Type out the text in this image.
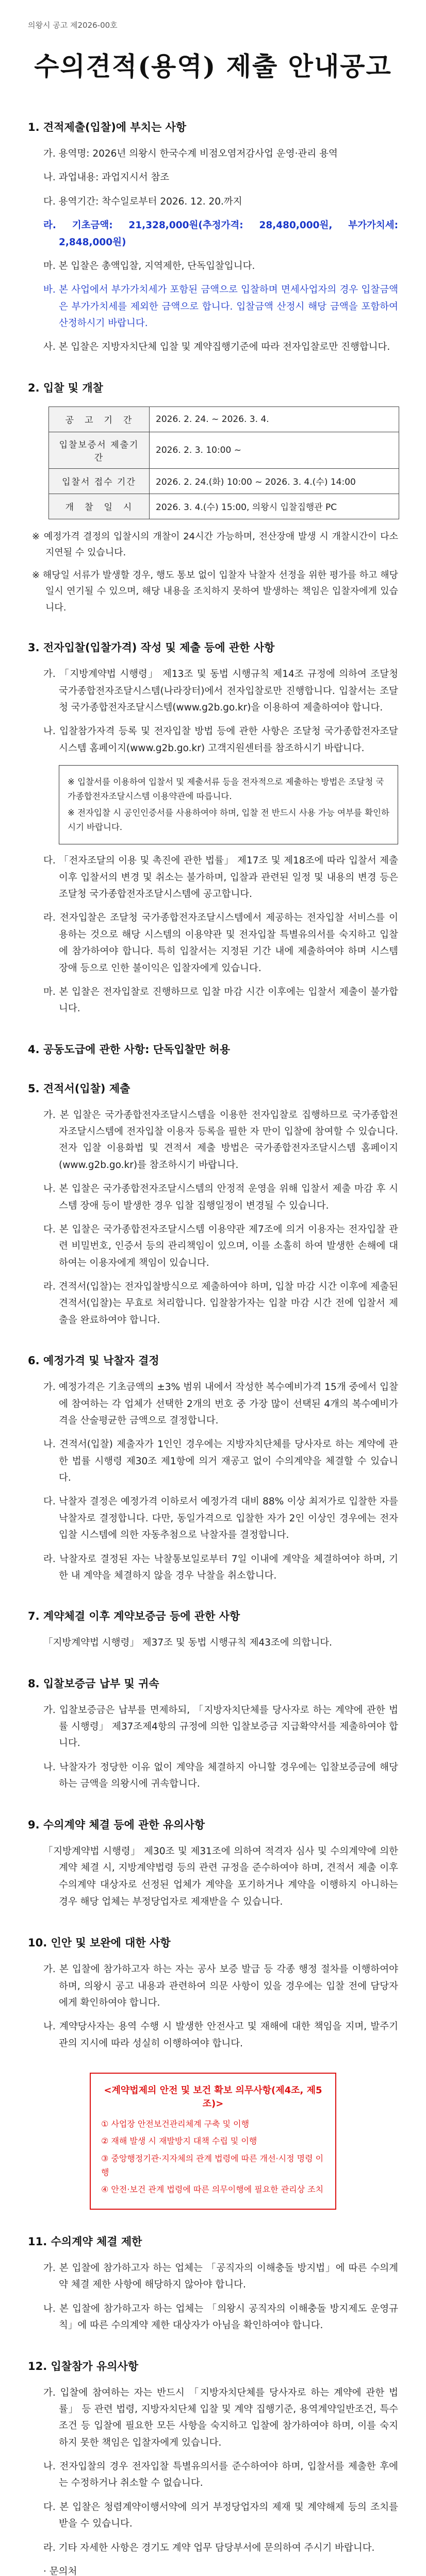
의왕시 공고 제2026-00호
수의견적(용역) 제출 안내공고
1. 견적제출(입찰)에 부치는 사항
가. 용역명: 2026년 의왕시 한국수계 비점오염저감사업 운영·관리 용역
나. 과업내용: 과업지시서 참조
다. 용역기간: 착수일로부터 2026. 12. 20.까지
라. 기초금액: 21,328,000원(추정가격: 28,480,000원, 부가가치세: 2,848,000원)
마. 본 입찰은 총액입찰, 지역제한, 단독입찰입니다.
바. 본 사업에서 부가가치세가 포함된 금액으로 입찰하며 면세사업자의 경우 입찰금액은 부가가치세를 제외한 금액으로 합니다. 입찰금액 산정시 해당 금액을 포함하여 산정하시기 바랍니다.
사. 본 입찰은 지방자치단체 입찰 및 계약집행기준에 따라 전자입찰로만 진행합니다.
2. 입찰 및 개찰
공　고　기　간	2026. 2. 24. ~ 2026. 3. 4.
입찰보증서 제출기간	2026. 2. 3. 10:00 ~
입찰서 접수 기간	2026. 2. 24.(화) 10:00 ~ 2026. 3. 4.(수) 14:00
개　찰　일　시	2026. 3. 4.(수) 15:00, 의왕시 입찰집행관 PC
※ 예정가격 결정의 입찰시의 개찰이 24시간 가능하며, 전산장애 발생 시 개찰시간이 다소 지연될 수 있습니다.
※ 해당일 서류가 발생할 경우, 행도 통보 없이 입찰자 낙찰자 선정을 위한 평가를 하고 해당일시 연기될 수 있으며, 해당 내용을 조치하지 못하여 발생하는 책임은 입찰자에게 있습니다.
3. 전자입찰(입찰가격) 작성 및 제출 등에 관한 사항
가. 「지방계약법 시행령」 제13조 및 동법 시행규칙 제14조 규정에 의하여 조달청 국가종합전자조달시스템(나라장터)에서 전자입찰로만 진행합니다. 입찰서는 조달청 국가종합전자조달시스템(www.g2b.go.kr)을 이용하여 제출하여야 합니다.
나. 입찰참가자격 등록 및 전자입찰 방법 등에 관한 사항은 조달청 국가종합전자조달시스템 홈페이지(www.g2b.go.kr) 고객지원센터를 참조하시기 바랍니다.

※ 입찰서를 이용하여 입찰서 및 제출서류 등을 전자적으로 제출하는 방법은 조달청 국가종합전자조달시스템 이용약관에 따릅니다.

※ 전자입찰 시 공인인증서를 사용하여야 하며, 입찰 전 반드시 사용 가능 여부를 확인하시기 바랍니다.

다. 「전자조달의 이용 및 촉진에 관한 법률」 제17조 및 제18조에 따라 입찰서 제출 이후 입찰서의 변경 및 취소는 불가하며, 입찰과 관련된 일정 및 내용의 변경 등은 조달청 국가종합전자조달시스템에 공고합니다.
라. 전자입찰은 조달청 국가종합전자조달시스템에서 제공하는 전자입찰 서비스를 이용하는 것으로 해당 시스템의 이용약관 및 전자입찰 특별유의서를 숙지하고 입찰에 참가하여야 합니다. 특히 입찰서는 지정된 기간 내에 제출하여야 하며 시스템 장애 등으로 인한 불이익은 입찰자에게 있습니다.
마. 본 입찰은 전자입찰로 진행하므로 입찰 마감 시간 이후에는 입찰서 제출이 불가합니다.
4. 공동도급에 관한 사항: 단독입찰만 허용
5. 견적서(입찰) 제출
가. 본 입찰은 국가종합전자조달시스템을 이용한 전자입찰로 집행하므로 국가종합전자조달시스템에 전자입찰 이용자 등록을 필한 자 만이 입찰에 참여할 수 있습니다. 전자 입찰 이용화법 및 견적서 제출 방법은 국가종합전자조달시스템 홈페이지(www.g2b.go.kr)를 참조하시기 바랍니다.
나. 본 입찰은 국가종합전자조달시스템의 안정적 운영을 위해 입찰서 제출 마감 후 시스템 장애 등이 발생한 경우 입찰 집행일정이 변경될 수 있습니다.
다. 본 입찰은 국가종합전자조달시스템 이용약관 제7조에 의거 이용자는 전자입찰 관련 비밀번호, 인증서 등의 관리책임이 있으며, 이를 소홀히 하여 발생한 손해에 대하여는 이용자에게 책임이 있습니다.
라. 견적서(입찰)는 전자입찰방식으로 제출하여야 하며, 입찰 마감 시간 이후에 제출된 견적서(입찰)는 무효로 처리합니다. 입찰참가자는 입찰 마감 시간 전에 입찰서 제출을 완료하여야 합니다.
6. 예정가격 및 낙찰자 결정
가. 예정가격은 기초금액의 ±3% 범위 내에서 작성한 복수예비가격 15개 중에서 입찰에 참여하는 각 업체가 선택한 2개의 번호 중 가장 많이 선택된 4개의 복수예비가격을 산술평균한 금액으로 결정합니다.
나. 견적서(입찰) 제출자가 1인인 경우에는 지방자치단체를 당사자로 하는 계약에 관한 법률 시행령 제30조 제1항에 의거 재공고 없이 수의계약을 체결할 수 있습니다.
다. 낙찰자 결정은 예정가격 이하로서 예정가격 대비 88% 이상 최저가로 입찰한 자를 낙찰자로 결정합니다. 다만, 동일가격으로 입찰한 자가 2인 이상인 경우에는 전자입찰 시스템에 의한 자동추첨으로 낙찰자를 결정합니다.
라. 낙찰자로 결정된 자는 낙찰통보일로부터 7일 이내에 계약을 체결하여야 하며, 기한 내 계약을 체결하지 않을 경우 낙찰을 취소합니다.
7. 계약체결 이후 계약보증금 등에 관한 사항
「지방계약법 시행령」 제37조 및 동법 시행규칙 제43조에 의합니다.
8. 입찰보증금 납부 및 귀속
가. 입찰보증금은 납부를 면제하되, 「지방자치단체를 당사자로 하는 계약에 관한 법률 시행령」 제37조제4항의 규정에 의한 입찰보증금 지급확약서를 제출하여야 합니다.
나. 낙찰자가 정당한 이유 없이 계약을 체결하지 아니할 경우에는 입찰보증금에 해당하는 금액을 의왕시에 귀속합니다.
9. 수의계약 체결 등에 관한 유의사항
「지방계약법 시행령」 제30조 및 제31조에 의하여 적격자 심사 및 수의계약에 의한 계약 체결 시, 지방계약법령 등의 관련 규정을 준수하여야 하며, 견적서 제출 이후 수의계약 대상자로 선정된 업체가 계약을 포기하거나 계약을 이행하지 아니하는 경우 해당 업체는 부정당업자로 제재받을 수 있습니다.
10. 인안 및 보완에 대한 사항
가. 본 입찰에 참가하고자 하는 자는 공사 보증 발급 등 각종 행정 절차를 이행하여야 하며, 의왕시 공고 내용과 관련하여 의문 사항이 있을 경우에는 입찰 전에 담당자에게 확인하여야 합니다.
나. 계약당사자는 용역 수행 시 발생한 안전사고 및 재해에 대한 책임을 지며, 발주기관의 지시에 따라 성실히 이행하여야 합니다.
<계약법제의 안전 및 보건 확보 의무사항(제4조, 제5조)>
① 사업장 안전보건관리체계 구축 및 이행
② 재해 발생 시 재발방지 대책 수립 및 이행
③ 중앙행정기관·지자체의 관계 법령에 따른 개선·시정 명령 이행
④ 안전·보건 관계 법령에 따른 의무이행에 필요한 관리상 조치
11. 수의계약 체결 제한
가. 본 입찰에 참가하고자 하는 업체는 「공직자의 이해충돌 방지법」에 따른 수의계약 체결 제한 사항에 해당하지 않아야 합니다.
나. 본 입찰에 참가하고자 하는 업체는 「의왕시 공직자의 이해충돌 방지제도 운영규칙」에 따른 수의계약 제한 대상자가 아님을 확인하여야 합니다.
12. 입찰참가 유의사항
가. 입찰에 참여하는 자는 반드시 「지방자치단체를 당사자로 하는 계약에 관한 법률」 등 관련 법령, 지방자치단체 입찰 및 계약 집행기준, 용역계약일반조건, 특수조건 등 입찰에 필요한 모든 사항을 숙지하고 입찰에 참가하여야 하며, 이를 숙지하지 못한 책임은 입찰자에게 있습니다.
나. 전자입찰의 경우 전자입찰 특별유의서를 준수하여야 하며, 입찰서를 제출한 후에는 수정하거나 취소할 수 없습니다.
다. 본 입찰은 청렴계약이행서약에 의거 부정당업자의 제재 및 계약해제 등의 조치를 받을 수 있습니다.
라. 기타 자세한 사항은 경기도 계약 업무 담당부서에 문의하여 주시기 바랍니다.
· 문의처
